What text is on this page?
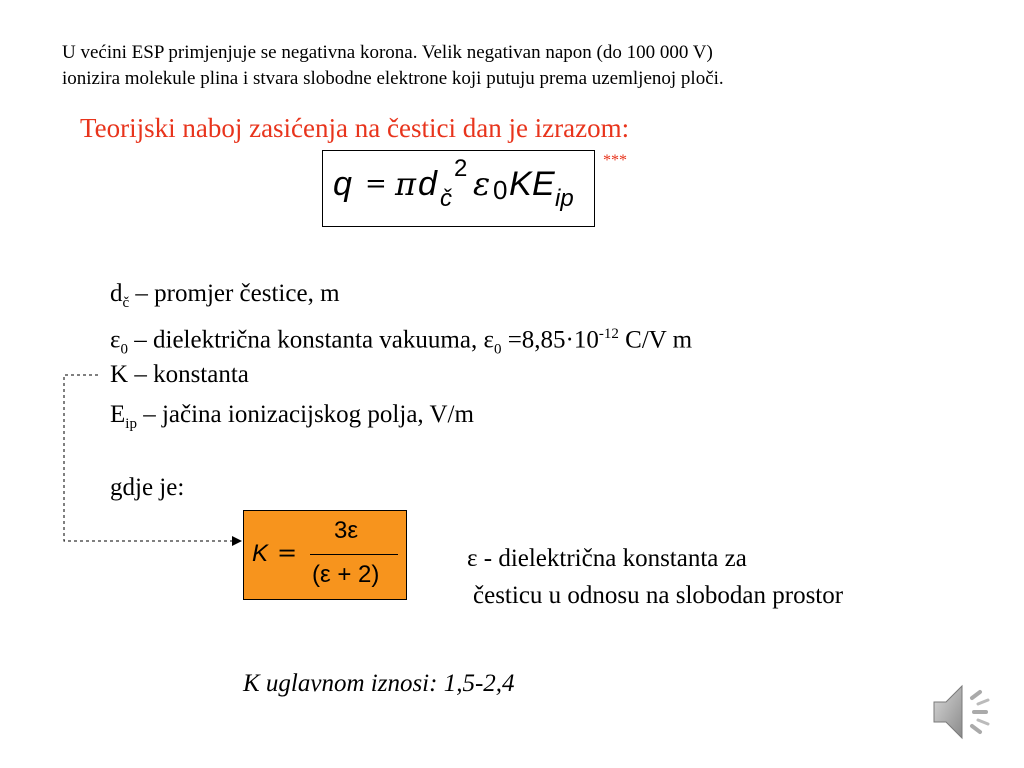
U većini ESP primjenjuje se negativna korona. Velik negativan napon (do 100 000 V)
ionizira molekule plina i stvara slobodne elektrone koji putuju prema uzemljenoj ploči.
Teorijski naboj zasićenja na čestici dan je izrazom:
q = π d č
2 ε 0 K E ip
***
$d_č$ – promjer čestice, m
$\varepsilon_0$ – dielektrična konstanta vakuuma, $\varepsilon_0 =8,85\cdot 10^{-12}$ C/V m
K – konstanta
$E_{ip}$ – jačina ionizacijskog polja, V/m
gdje je:
K =
3ε
(ε + 2)
ε - dielektrična konstanta za
česticu u odnosu na slobodan prostor
K uglavnom iznosi: 1,5-2,4
